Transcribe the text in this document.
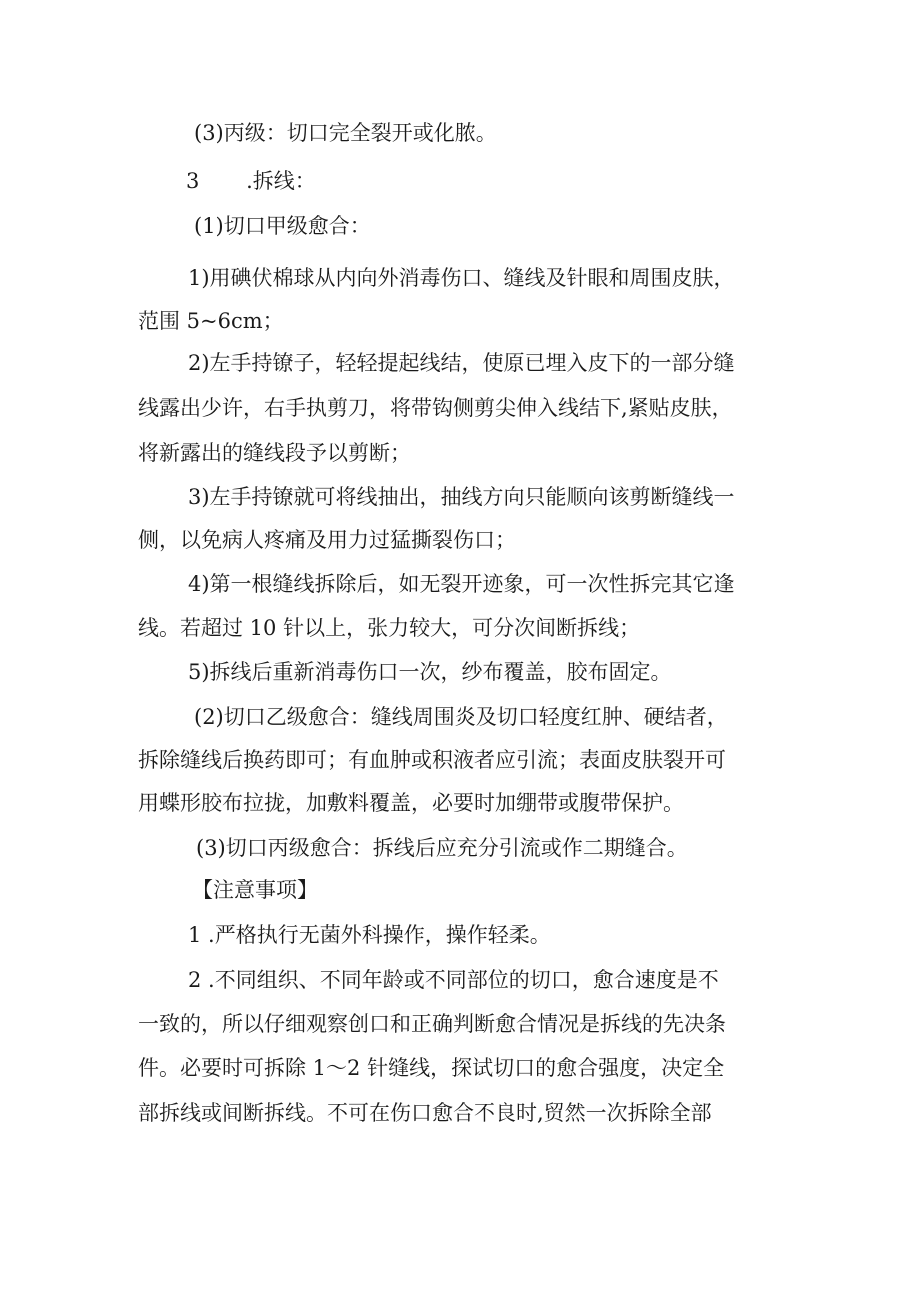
(3)丙级：切口完全裂开或化脓。
3       .拆线：
(1)切口甲级愈合：
1)用碘伏棉球从内向外消毒伤口、缝线及针眼和周围皮肤，
范围 5~6cm；
2)左手持镣子，轻轻提起线结，使原已埋入皮下的一部分缝
线露出少许，右手执剪刀，将带钩侧剪尖伸入线结下,紧贴皮肤，
将新露出的缝线段予以剪断；
3)左手持镣就可将线抽出，抽线方向只能顺向该剪断缝线一
侧，以免病人疼痛及用力过猛撕裂伤口；
4)第一根缝线拆除后，如无裂开迹象，可一次性拆完其它逢
线。若超过 10 针以上，张力较大，可分次间断拆线；
5)拆线后重新消毒伤口一次，纱布覆盖，胶布固定。
(2)切口乙级愈合：缝线周围炎及切口轻度红肿、硬结者，
拆除缝线后换药即可；有血肿或积液者应引流；表面皮肤裂开可
用蝶形胶布拉拢，加敷料覆盖，必要时加绷带或腹带保护。
(3)切口丙级愈合：拆线后应充分引流或作二期缝合。
【注意事项】
1 .严格执行无菌外科操作，操作轻柔。
2 .不同组织、不同年龄或不同部位的切口，愈合速度是不
一致的，所以仔细观察创口和正确判断愈合情况是拆线的先决条
件。必要时可拆除 1～2 针缝线，探试切口的愈合强度，决定全
部拆线或间断拆线。不可在伤口愈合不良时,贸然一次拆除全部
